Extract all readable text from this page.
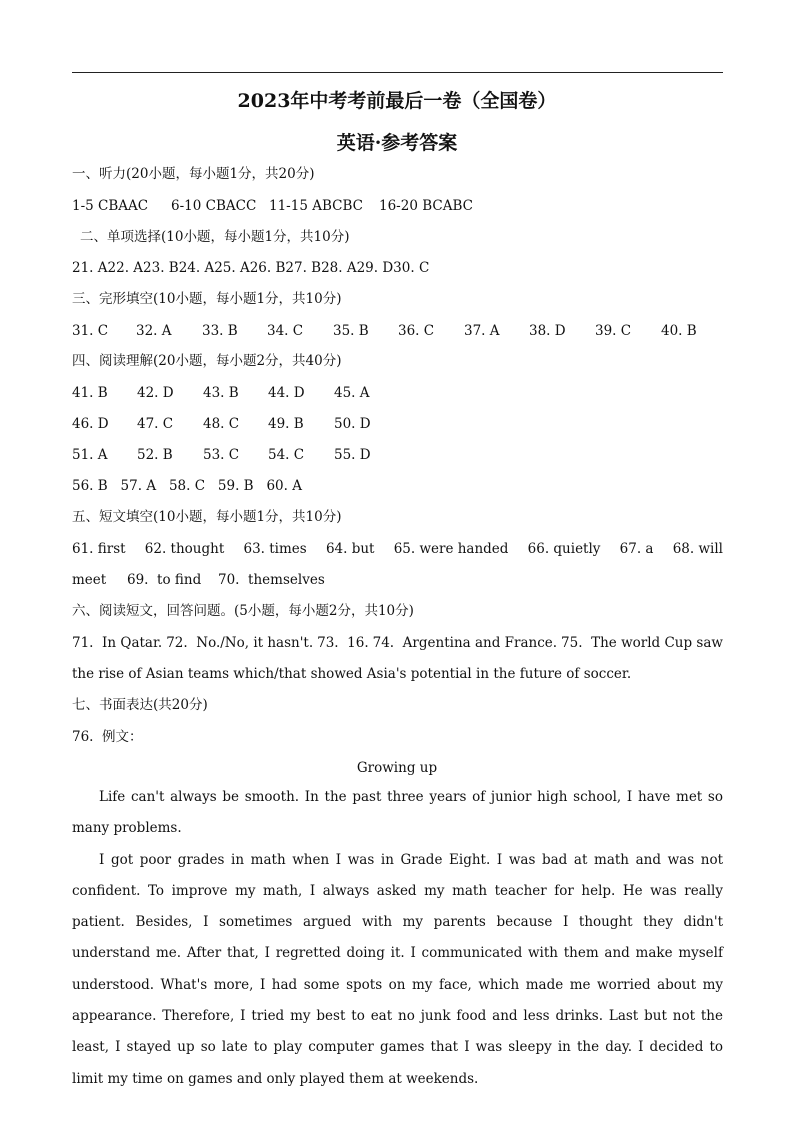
2023年中考考前最后一卷（全国卷）
英语·参考答案
一、听力(20小题，每小题1分，共20分)
1-5 CBAAC 6-10 CBACC 11-15 ABCBC 16-20 BCABC
二、单项选择(10小题，每小题1分，共10分)
21. A22. A23. B24. A25. A26. B27. B28. A29. D30. C
三、完形填空(10小题，每小题1分，共10分)
31. C 32. A 33. B 34. C 35. B 36. C 37. A 38. D 39. C 40. B
四、阅读理解(20小题，每小题2分，共40分)
41. B 42. D 43. B 44. D 45. A
46. D 47. C 48. C 49. B 50. D
51. A 52. B 53. C 54. C 55. D
56. B   57. A   58. C   59. B   60. A
五、短文填空(10小题，每小题1分，共10分)
61. first 62. thought 63. times 64. but 65. were handed 66. quietly 67. a 68. will
meet 69.  to find 70.  themselves
六、阅读短文，回答问题。(5小题，每小题2分，共10分)
71.  In Qatar. 72.  No./No, it hasn't. 73.  16. 74.  Argentina and France. 75.  The world Cup saw
the rise of Asian teams which/that showed Asia's potential in the future of soccer.
七、书面表达(共20分)
76.  例文：
Growing up

Life can't always be smooth. In the past three years of junior high school, I have met so many problems.

I got poor grades in math when I was in Grade Eight. I was bad at math and was not confident. To improve my math, I always asked my math teacher for help. He was really patient. Besides, I sometimes argued with my parents because I thought they didn't understand me. After that, I regretted doing it. I communicated with them and make myself understood. What's more, I had some spots on my face, which made me worried about my appearance. Therefore, I tried my best to eat no junk food and less drinks. Last but not the least, I stayed up so late to play computer games that I was sleepy in the day. I decided to limit my time on games and only played them at weekends.
